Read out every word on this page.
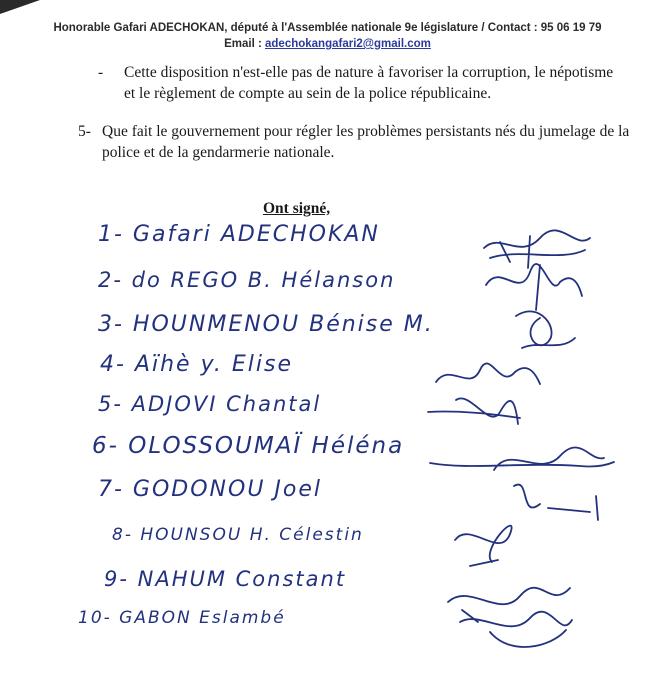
Honorable Gafari ADECHOKAN, député à l'Assemblée nationale 9e législature / Contact : 95 06 19 79
Email : adechokangafari2@gmail.com
-	Cette disposition n'est-elle pas de nature à favoriser la corruption, le népotisme et le règlement de compte au sein de la police républicaine.
5- Que fait le gouvernement pour régler les problèmes persistants nés du jumelage de la police et de la gendarmerie nationale.
Ont signé,
1- Gafari ADECHOKAN
2- do REGO B. Hélanson
3- HOUNMENOU Bénise M.
4- Aïhè y. Elise
5- ADJOVI Chantal
6- OLOSSOUMAÏ Héléna
7- GODONOU Joel
8- HOUNSOU H. Célestin
9- NAHUM Constant
10- GABON Eslambé
